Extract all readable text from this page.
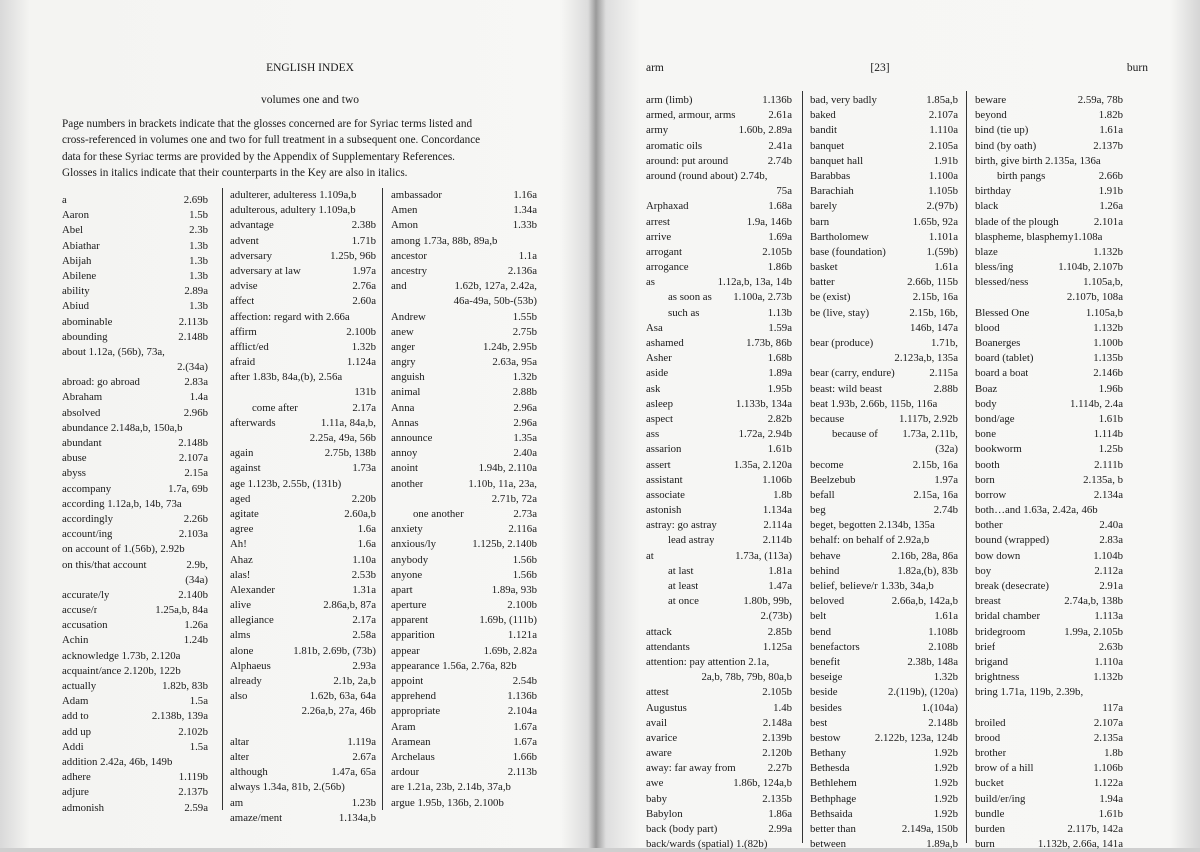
ENGLISH INDEX
volumes one and two
Page numbers in brackets indicate that the glosses concerned are for Syriac terms listed and
cross-referenced in volumes one and two for full treatment in a subsequent one. Concordance
data for these Syriac terms are provided by the Appendix of Supplementary References.
Glosses in italics indicate that their counterparts in the Key are also in italics.
a	2.69b
Aaron	1.5b
Abel	2.3b
Abiathar	1.3b
Abijah	1.3b
Abilene	1.3b
ability	2.89a
Abiud	1.3b
abominable	2.113b
abounding	2.148b
about 1.12a, (56b), 73a,
2.(34a)
abroad: go abroad	2.83a
Abraham	1.4a
absolved	2.96b
abundance 2.148a,b, 150a,b
abundant	2.148b
abuse	2.107a
abyss	2.15a
accompany	1.7a, 69b
according 1.12a,b, 14b, 73a
accordingly	2.26b
account/ing	2.103a
on account of 1.(56b), 2.92b
on this/that account	2.9b,
(34a)
accurate/ly	2.140b
accuse/r	1.25a,b, 84a
accusation	1.26a
Achin	1.24b
acknowledge 1.73b, 2.120a
acquaint/ance 2.120b, 122b
actually	1.82b, 83b
Adam	1.5a
add to	2.138b, 139a
add up	2.102b
Addi	1.5a
addition 2.42a, 46b, 149b
adhere	1.119b
adjure	2.137b
admonish	2.59a
adulterer, adulteress 1.109a,b
adulterous, adultery 1.109a,b
advantage	2.38b
advent	1.71b
adversary	1.25b, 96b
adversary at law	1.97a
advise	2.76a
affect	2.60a
affection: regard with 2.66a
affirm	2.100b
afflict/ed	1.32b
afraid	1.124a
after 1.83b, 84a,(b), 2.56a
131b
come after	2.17a
afterwards	1.11a, 84a,b,
2.25a, 49a, 56b
again	2.75b, 138b
against	1.73a
age 1.123b, 2.55b, (131b)
aged	2.20b
agitate	2.60a,b
agree	1.6a
Ah!	1.6a
Ahaz	1.10a
alas!	2.53b
Alexander	1.31a
alive	2.86a,b, 87a
allegiance	2.17a
alms	2.58a
alone	1.81b, 2.69b, (73b)
Alphaeus	2.93a
already	2.1b, 2a,b
also	1.62b, 63a, 64a
2.26a,b, 27a, 46b
altar	1.119a
alter	2.67a
although	1.47a, 65a
always 1.34a, 81b, 2.(56b)
am	1.23b
amaze/ment	1.134a,b
ambassador	1.16a
Amen	1.34a
Amon	1.33b
among 1.73a, 88b, 89a,b
ancestor	1.1a
ancestry	2.136a
and	1.62b, 127a, 2.42a,
46a-49a, 50b-(53b)
Andrew	1.55b
anew	2.75b
anger	1.24b, 2.95b
angry	2.63a, 95a
anguish	1.32b
animal	2.88b
Anna	2.96a
Annas	2.96a
announce	1.35a
annoy	2.40a
anoint	1.94b, 2.110a
another	1.10b, 11a, 23a,
2.71b, 72a
one another	2.73a
anxiety	2.116a
anxious/ly	1.125b, 2.140b
anybody	1.56b
anyone	1.56b
apart	1.89a, 93b
aperture	2.100b
apparent	1.69b, (111b)
apparition	1.121a
appear	1.69b, 2.82a
appearance 1.56a, 2.76a, 82b
appoint	2.54b
apprehend	1.136b
appropriate	2.104a
Aram	1.67a
Aramean	1.67a
Archelaus	1.66b
ardour	2.113b
are 1.21a, 23b, 2.14b, 37a,b
argue 1.95b, 136b, 2.100b
arm	[23]	burn
arm (limb)	1.136b
armed, armour, arms	2.61a
army	1.60b, 2.89a
aromatic oils	2.41a
around: put around	2.74b
around (round about) 2.74b,
75a
Arphaxad	1.68a
arrest	1.9a, 146b
arrive	1.69a
arrogant	2.105b
arrogance	1.86b
as	1.12a,b, 13a, 14b
as soon as	1.100a, 2.73b
such as	1.13b
Asa	1.59a
ashamed	1.73b, 86b
Asher	1.68b
aside	1.89a
ask	1.95b
asleep	1.133b, 134a
aspect	2.82b
ass	1.72a, 2.94b
assarion	1.61b
assert	1.35a, 2.120a
assistant	1.106b
associate	1.8b
astonish	1.134a
astray: go astray	2.114a
lead astray	2.114b
at	1.73a, (113a)
at last	1.81a
at least	1.47a
at once	1.80b, 99b,
2.(73b)
attack	2.85b
attendants	1.125a
attention: pay attention 2.1a,
2a,b, 78b, 79b, 80a,b
attest	2.105b
Augustus	1.4b
avail	2.148a
avarice	2.139b
aware	2.120b
away: far away from	2.27b
awe	1.86b, 124a,b
baby	2.135b
Babylon	1.86a
back (body part)	2.99a
back/wards (spatial) 1.(82b)
bad, very badly	1.85a,b
baked	2.107a
bandit	1.110a
banquet	2.105a
banquet hall	1.91b
Barabbas	1.100a
Barachiah	1.105b
barely	2.(97b)
barn	1.65b, 92a
Bartholomew	1.101a
base (foundation)	1.(59b)
basket	1.61a
batter	2.66b, 115b
be (exist)	2.15b, 16a
be (live, stay)	2.15b, 16b,
146b, 147a
bear (produce)	1.71b,
2.123a,b, 135a
bear (carry, endure)	2.115a
beast: wild beast	2.88b
beat 1.93b, 2.66b, 115b, 116a
because	1.117b, 2.92b
because of	1.73a, 2.11b,
(32a)
become	2.15b, 16a
Beelzebub	1.97a
befall	2.15a, 16a
beg	2.74b
beget, begotten 2.134b, 135a
behalf: on behalf of 2.92a,b
behave	2.16b, 28a, 86a
behind	1.82a,(b), 83b
belief, believe/r 1.33b, 34a,b
beloved	2.66a,b, 142a,b
belt	1.61a
bend	1.108b
benefactors	2.108b
benefit	2.38b, 148a
beseige	1.32b
beside	2.(119b), (120a)
besides	1.(104a)
best	2.148b
bestow	2.122b, 123a, 124b
Bethany	1.92b
Bethesda	1.92b
Bethlehem	1.92b
Bethphage	1.92b
Bethsaida	1.92b
better than	2.149a, 150b
between	1.89a,b
beware	2.59a, 78b
beyond	1.82b
bind (tie up)	1.61a
bind (by oath)	2.137b
birth, give birth 2.135a, 136a
birth pangs	2.66b
birthday	1.91b
black	1.26a
blade of the plough	2.101a
blaspheme, blasphemy1.108a
blaze	1.132b
bless/ing	1.104b, 2.107b
blessed/ness	1.105a,b,
2.107b, 108a
Blessed One	1.105a,b
blood	1.132b
Boanerges	1.100b
board (tablet)	1.135b
board a boat	2.146b
Boaz	1.96b
body	1.114b, 2.4a
bond/age	1.61b
bone	1.114b
bookworm	1.25b
booth	2.111b
born	2.135a, b
borrow	2.134a
both…and 1.63a, 2.42a, 46b
bother	2.40a
bound (wrapped)	2.83a
bow down	1.104b
boy	2.112a
break (desecrate)	2.91a
breast	2.74a,b, 138b
bridal chamber	1.113a
bridegroom	1.99a, 2.105b
brief	2.63b
brigand	1.110a
brightness	1.132b
bring 1.71a, 119b, 2.39b,
117a
broiled	2.107a
brood	2.135a
brother	1.8b
brow of a hill	1.106b
bucket	1.122a
build/er/ing	1.94a
bundle	1.61b
burden	2.117b, 142a
burn	1.132b, 2.66a, 141a
